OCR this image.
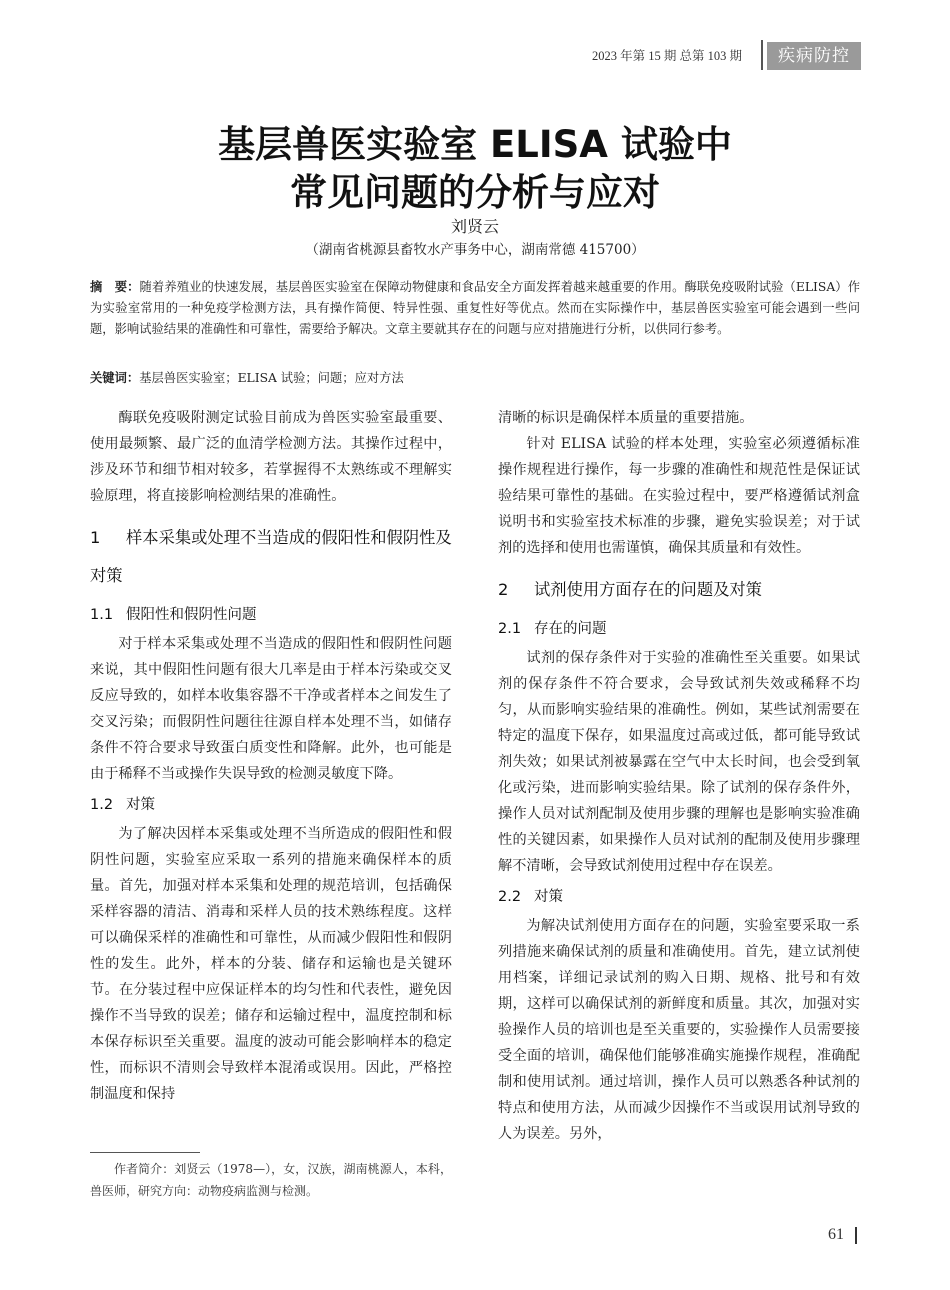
2023 年第 15 期 总第 103 期	疾病防控
基层兽医实验室 ELISA 试验中
常见问题的分析与应对
刘贤云
（湖南省桃源县畜牧水产事务中心，湖南常德 415700）
摘　要：随着养殖业的快速发展，基层兽医实验室在保障动物健康和食品安全方面发挥着越来越重要的作用。酶联免疫吸附试验（ELISA）作为实验室常用的一种免疫学检测方法，具有操作简便、特异性强、重复性好等优点。然而在实际操作中，基层兽医实验室可能会遇到一些问题，影响试验结果的准确性和可靠性，需要给予解决。文章主要就其存在的问题与应对措施进行分析，以供同行参考。
关键词：基层兽医实验室；ELISA 试验；问题；应对方法

酶联免疫吸附测定试验目前成为兽医实验室最重要、使用最频繁、最广泛的血清学检测方法。其操作过程中，涉及环节和细节相对较多，若掌握得不太熟练或不理解实验原理，将直接影响检测结果的准确性。

1 样本采集或处理不当造成的假阳性和假阴性及对策
1.1 假阳性和假阴性问题

对于样本采集或处理不当造成的假阳性和假阴性问题来说，其中假阳性问题有很大几率是由于样本污染或交叉反应导致的，如样本收集容器不干净或者样本之间发生了交叉污染；而假阴性问题往往源自样本处理不当，如储存条件不符合要求导致蛋白质变性和降解。此外，也可能是由于稀释不当或操作失误导致的检测灵敏度下降。

1.2 对策

为了解决因样本采集或处理不当所造成的假阳性和假阴性问题，实验室应采取一系列的措施来确保样本的质量。首先，加强对样本采集和处理的规范培训，包括确保采样容器的清洁、消毒和采样人员的技术熟练程度。这样可以确保采样的准确性和可靠性，从而减少假阳性和假阴性的发生。此外，样本的分装、储存和运输也是关键环节。在分装过程中应保证样本的均匀性和代表性，避免因操作不当导致的误差；储存和运输过程中，温度控制和标本保存标识至关重要。温度的波动可能会影响样本的稳定性，而标识不清则会导致样本混淆或误用。因此，严格控制温度和保持

清晰的标识是确保样本质量的重要措施。

针对 ELISA 试验的样本处理，实验室必须遵循标准操作规程进行操作，每一步骤的准确性和规范性是保证试验结果可靠性的基础。在实验过程中，要严格遵循试剂盒说明书和实验室技术标准的步骤，避免实验误差；对于试剂的选择和使用也需谨慎，确保其质量和有效性。

2 试剂使用方面存在的问题及对策
2.1 存在的问题

试剂的保存条件对于实验的准确性至关重要。如果试剂的保存条件不符合要求，会导致试剂失效或稀释不均匀，从而影响实验结果的准确性。例如，某些试剂需要在特定的温度下保存，如果温度过高或过低，都可能导致试剂失效；如果试剂被暴露在空气中太长时间，也会受到氧化或污染，进而影响实验结果。除了试剂的保存条件外，操作人员对试剂配制及使用步骤的理解也是影响实验准确性的关键因素，如果操作人员对试剂的配制及使用步骤理解不清晰，会导致试剂使用过程中存在误差。

2.2 对策

为解决试剂使用方面存在的问题，实验室要采取一系列措施来确保试剂的质量和准确使用。首先，建立试剂使用档案，详细记录试剂的购入日期、规格、批号和有效期，这样可以确保试剂的新鲜度和质量。其次，加强对实验操作人员的培训也是至关重要的，实验操作人员需要接受全面的培训，确保他们能够准确实施操作规程，准确配制和使用试剂。通过培训，操作人员可以熟悉各种试剂的特点和使用方法，从而减少因操作不当或误用试剂导致的人为误差。另外，

作者简介：刘贤云（1978—），女，汉族，湖南桃源人，本科，兽医师，研究方向：动物疫病监测与检测。
61
